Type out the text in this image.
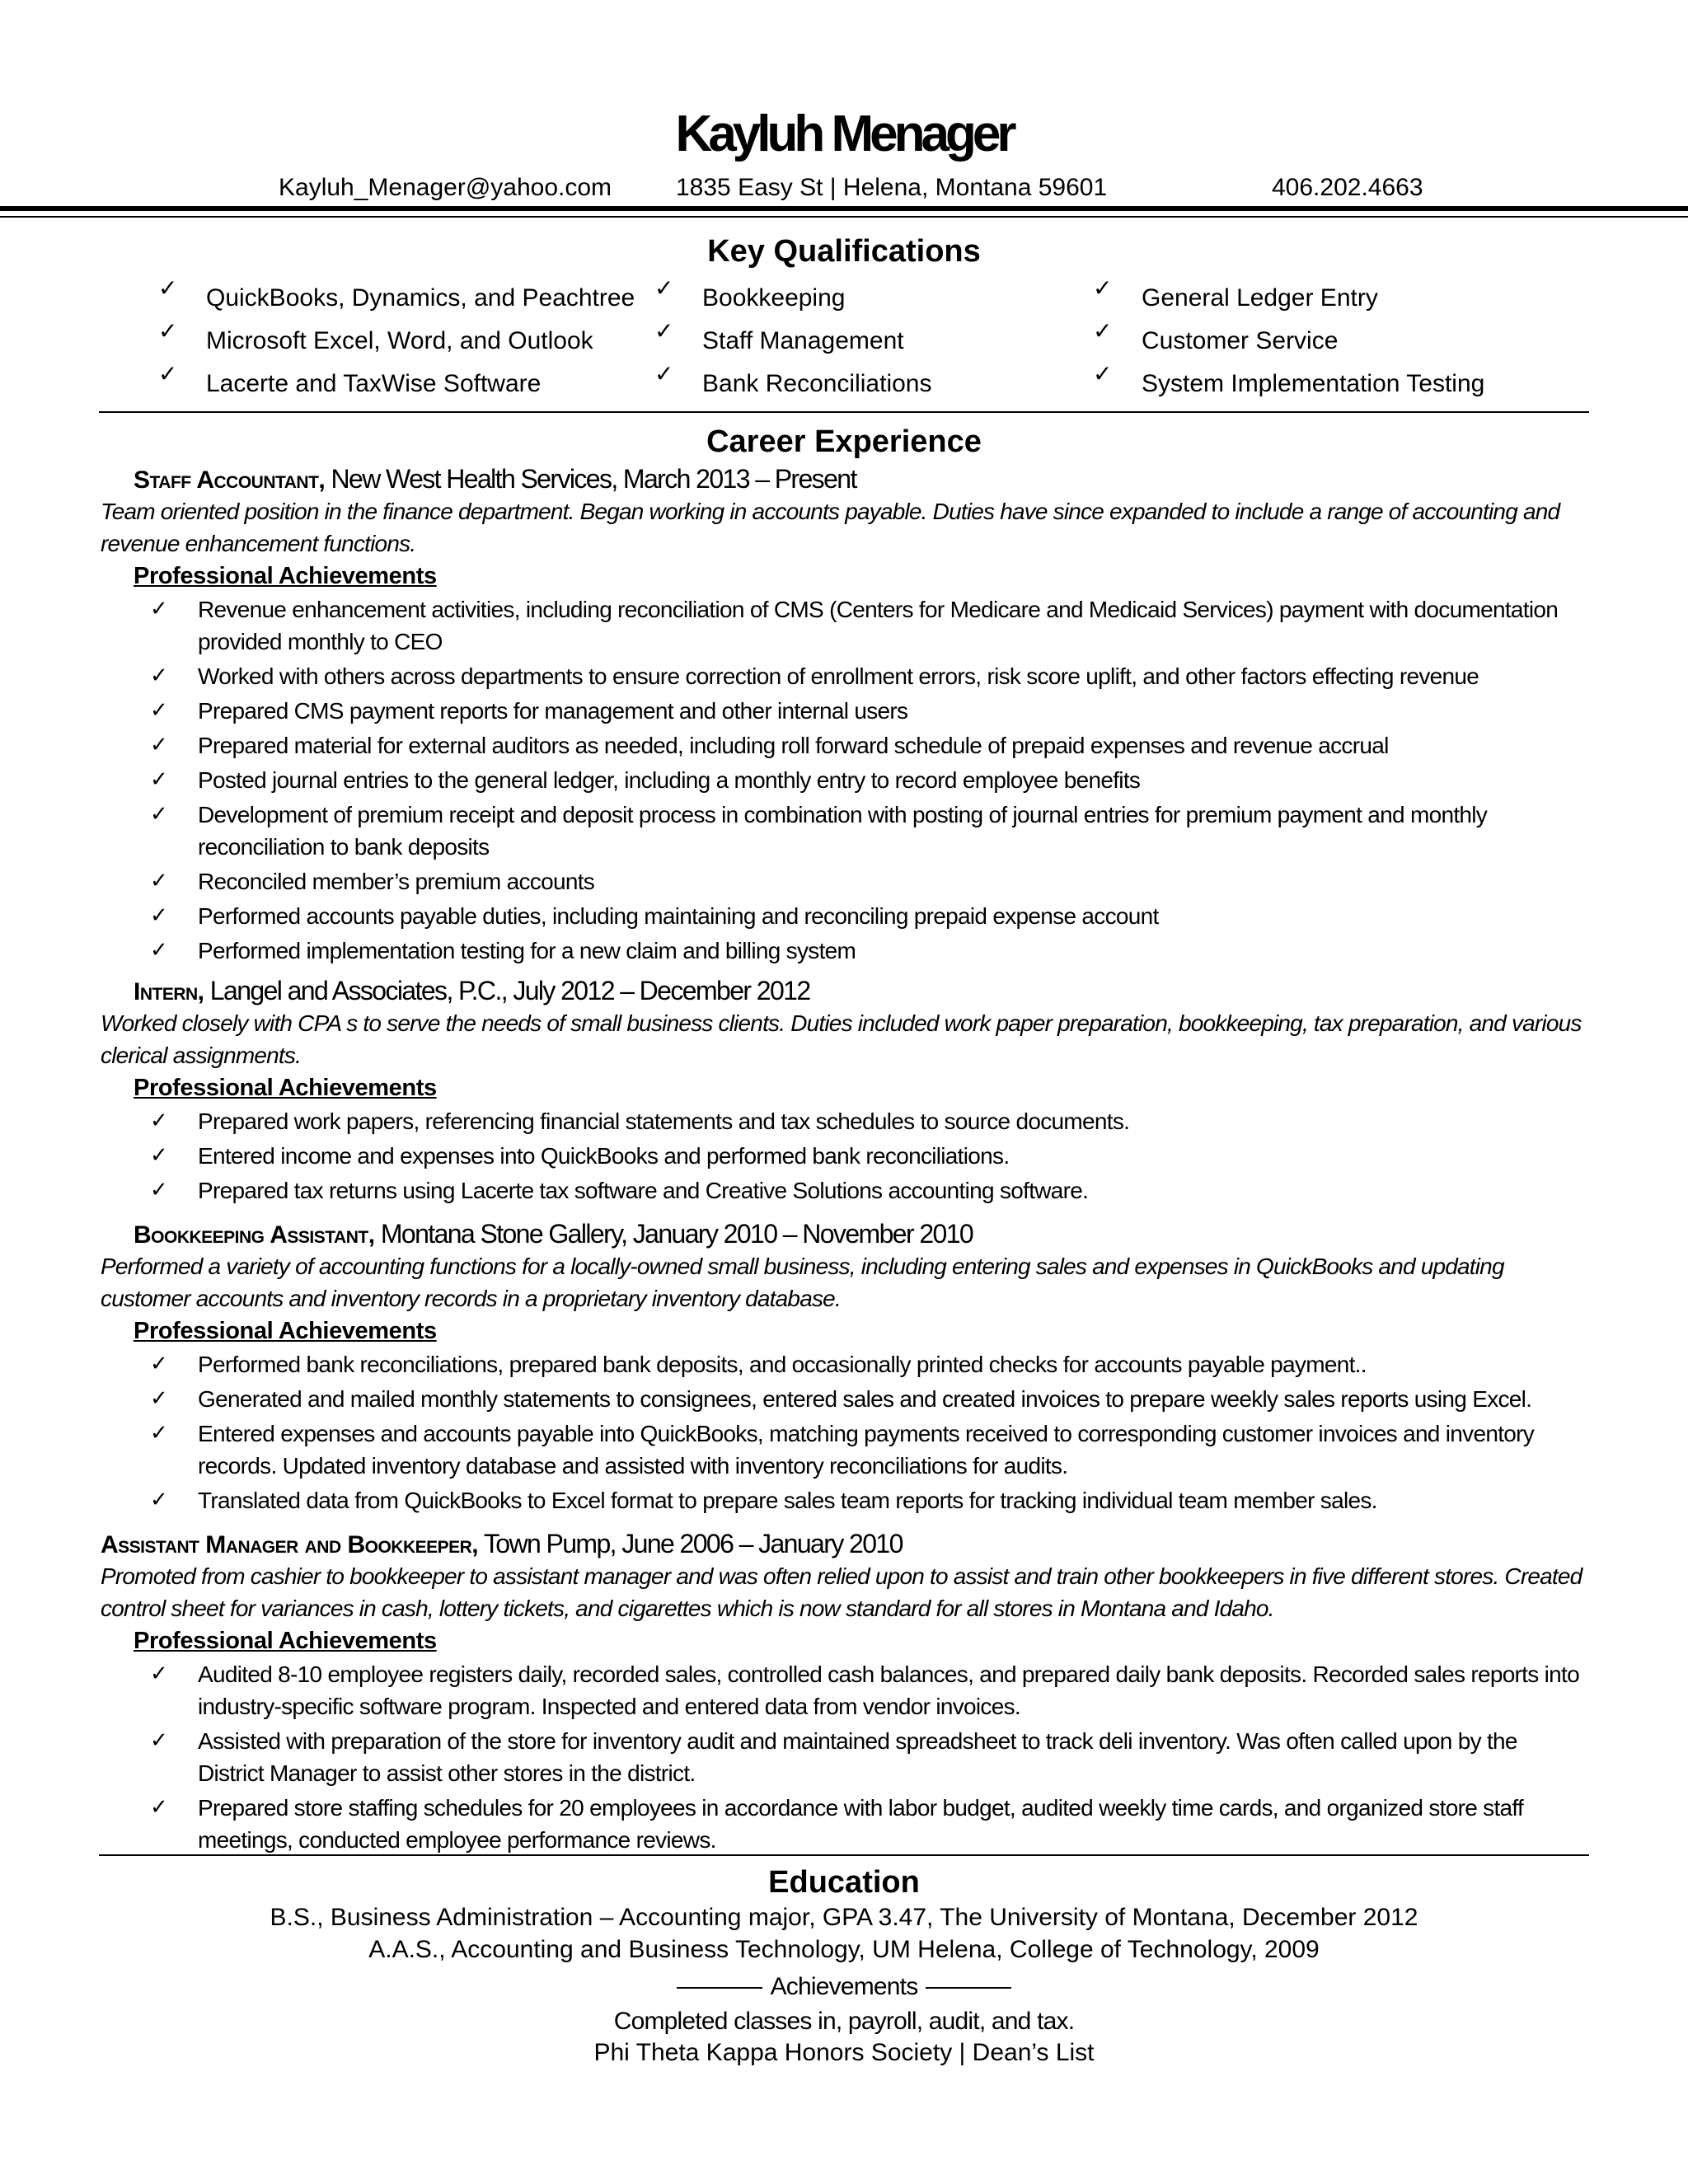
Kayluh Menager
Kayluh_Menager@yahoo.com	1835 Easy St | Helena, Montana 59601	406.202.4663
Key Qualifications
✓ QuickBooks, Dynamics, and Peachtree
✓ Microsoft Excel, Word, and Outlook
✓ Lacerte and TaxWise Software
✓ Bookkeeping
✓ Staff Management
✓ Bank Reconciliations
✓ General Ledger Entry
✓ Customer Service
✓ System Implementation Testing
Career Experience
Staff Accountant, New West Health Services, March 2013 – Present

Team oriented position in the finance department. Began working in accounts payable. Duties have since expanded to include a range of accounting and revenue enhancement functions.

Professional Achievements
✓ Revenue enhancement activities, including reconciliation of CMS (Centers for Medicare and Medicaid Services) payment with documentation provided monthly to CEO
✓ Worked with others across departments to ensure correction of enrollment errors, risk score uplift, and other factors effecting revenue
✓ Prepared CMS payment reports for management and other internal users
✓ Prepared material for external auditors as needed, including roll forward schedule of prepaid expenses and revenue accrual
✓ Posted journal entries to the general ledger, including a monthly entry to record employee benefits
✓ Development of premium receipt and deposit process in combination with posting of journal entries for premium payment and monthly reconciliation to bank deposits
✓ Reconciled member’s premium accounts
✓ Performed accounts payable duties, including maintaining and reconciling prepaid expense account
✓ Performed implementation testing for a new claim and billing system
Intern, Langel and Associates, P.C., July 2012 – December 2012

Worked closely with CPA s to serve the needs of small business clients. Duties included work paper preparation, bookkeeping, tax preparation, and various clerical assignments.

Professional Achievements
✓ Prepared work papers, referencing financial statements and tax schedules to source documents.
✓ Entered income and expenses into QuickBooks and performed bank reconciliations.
✓ Prepared tax returns using Lacerte tax software and Creative Solutions accounting software.
Bookkeeping Assistant, Montana Stone Gallery, January 2010 – November 2010

Performed a variety of accounting functions for a locally-owned small business, including entering sales and expenses in QuickBooks and updating customer accounts and inventory records in a proprietary inventory database.

Professional Achievements
✓ Performed bank reconciliations, prepared bank deposits, and occasionally printed checks for accounts payable payment..
✓ Generated and mailed monthly statements to consignees, entered sales and created invoices to prepare weekly sales reports using Excel.
✓ Entered expenses and accounts payable into QuickBooks, matching payments received to corresponding customer invoices and inventory records. Updated inventory database and assisted with inventory reconciliations for audits.
✓ Translated data from QuickBooks to Excel format to prepare sales team reports for tracking individual team member sales.
Assistant Manager and Bookkeeper, Town Pump, June 2006 – January 2010

Promoted from cashier to bookkeeper to assistant manager and was often relied upon to assist and train other bookkeepers in five different stores. Created control sheet for variances in cash, lottery tickets, and cigarettes which is now standard for all stores in Montana and Idaho.

Professional Achievements
✓ Audited 8-10 employee registers daily, recorded sales, controlled cash balances, and prepared daily bank deposits. Recorded sales reports into industry-specific software program. Inspected and entered data from vendor invoices.
✓ Assisted with preparation of the store for inventory audit and maintained spreadsheet to track deli inventory. Was often called upon by the District Manager to assist other stores in the district.
✓ Prepared store staffing schedules for 20 employees in accordance with labor budget, audited weekly time cards, and organized store staff meetings, conducted employee performance reviews.
Education
B.S., Business Administration – Accounting major, GPA 3.47, The University of Montana, December 2012
A.A.S., Accounting and Business Technology, UM Helena, College of Technology, 2009
Achievements
Completed classes in, payroll, audit, and tax.
Phi Theta Kappa Honors Society | Dean’s List
